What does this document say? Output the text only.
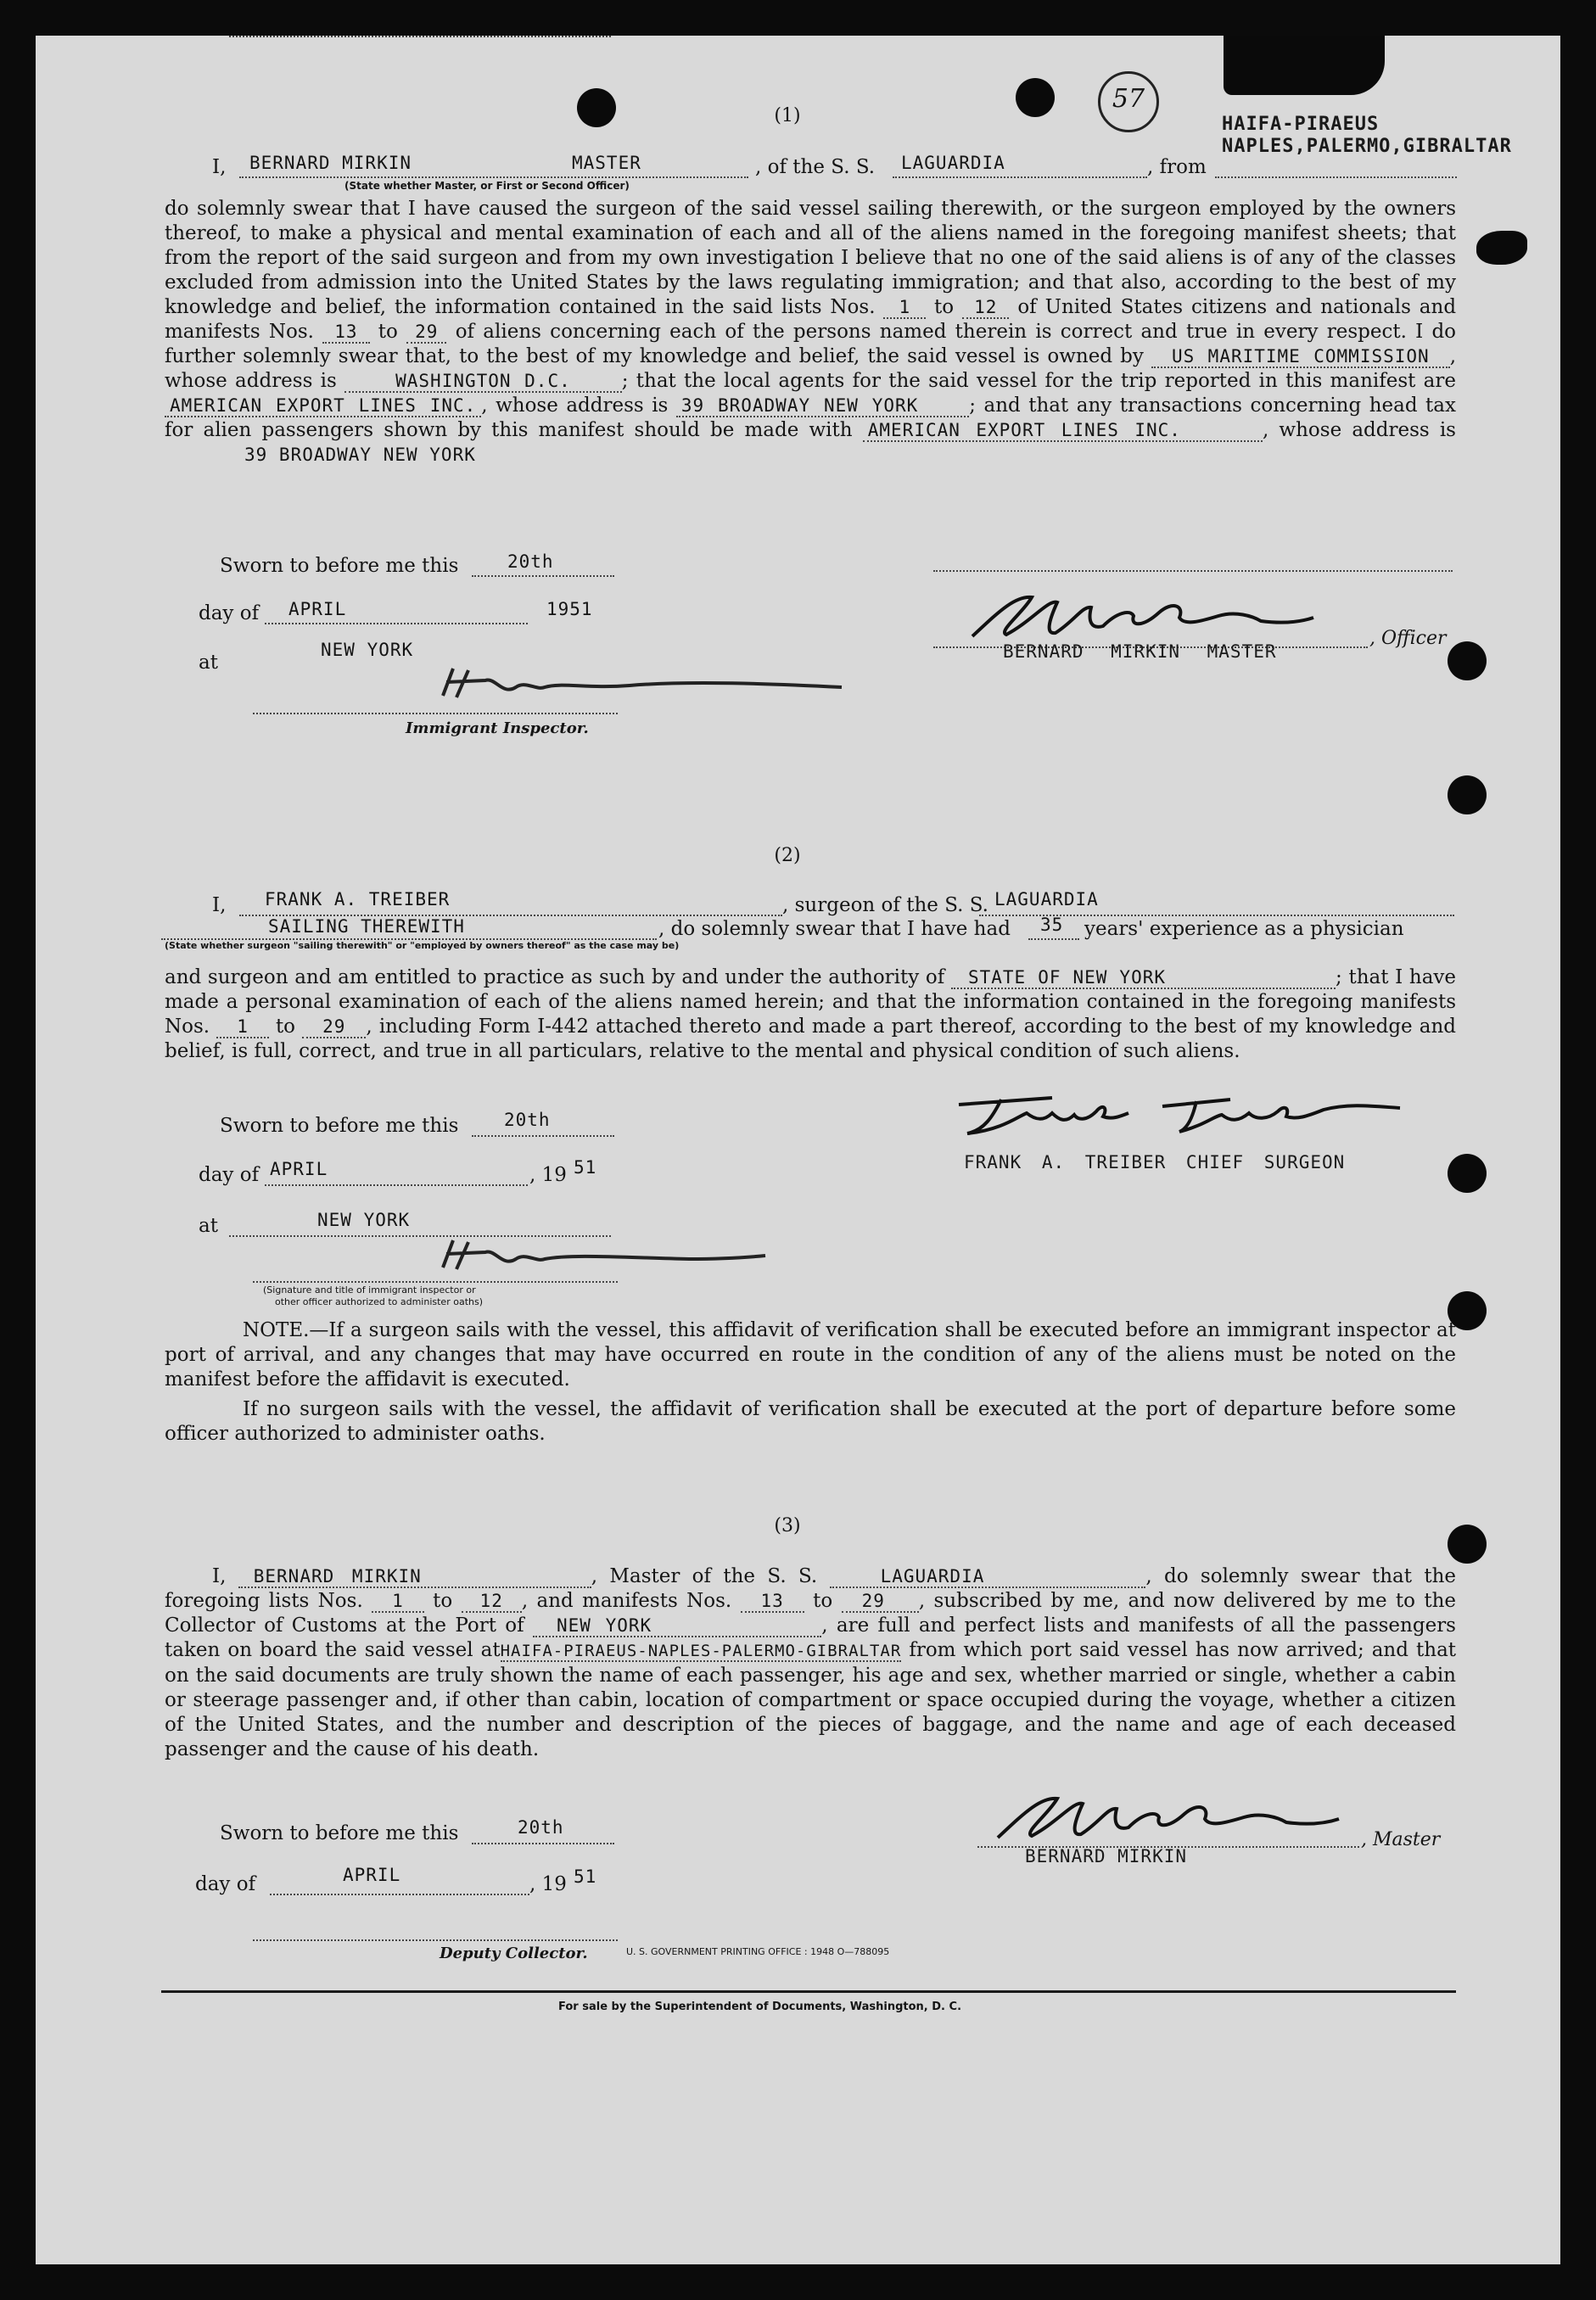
57
HAIFA-PIRAEUS
NAPLES,PALERMO,GIBRALTAR
(1)
I, BERNARD MIRKIN	MASTER	, of the S. S. LAGUARDIA	, from
(State whether Master, or First or Second Officer)

do solemnly swear that I have caused the surgeon of the said vessel sailing therewith, or the surgeon employed by the owners thereof, to make a physical and mental examination of each and all of the aliens named in the foregoing manifest sheets; that from the report of the said surgeon and from my own investigation I believe that no one of the said aliens is of any of the classes excluded from admission into the United States by the laws regulating immigration; and that also, according to the best of my knowledge and belief, the information contained in the said lists Nos. 1 to 12 of United States citizens and nationals and manifests Nos. 13 to 29 of aliens concerning each of the persons named therein is correct and true in every respect. I do further solemnly swear that, to the best of my knowledge and belief, the said vessel is owned by US MARITIME COMMISSION , whose address is	WASHINGTON D.C.	; that the local agents for the said vessel for the trip reported in this manifest are AMERICAN EXPORT LINES INC. , whose address is 39 BROADWAY NEW YORK	; and that any transactions concerning head tax for alien passengers shown by this manifest should be made with AMERICAN EXPORT LINES INC.	, whose address is 39 BROADWAY NEW YORK

Sworn to before me this	20th
day of APRIL	1951
at
NEW YORK
Immigrant Inspector.
BERNARD MIRKIN MASTER
, Officer
(2)
I, FRANK A. TREIBER	, surgeon of the S. S. LAGUARDIA
SAILING THEREWITH	, do solemnly swear that I have had 35 years' experience as a physician
(State whether surgeon "sailing therewith" or "employed by owners thereof" as the case may be)

and surgeon and am entitled to practice as such by and under the authority of STATE OF NEW YORK	; that I have made a personal examination of each of the aliens named herein; and that the information contained in the foregoing manifests Nos. 1 to 29 , including Form I-442 attached thereto and made a part thereof, according to the best of my knowledge and belief, is full, correct, and true in all particulars, relative to the mental and physical condition of such aliens.

Sworn to before me this	20th
day of APRIL	, 19 51
at	NEW YORK
(Signature and title of immigrant inspector or
other officer authorized to administer oaths)
FRANK A. TREIBER CHIEF SURGEON

NOTE.—If a surgeon sails with the vessel, this affidavit of verification shall be executed before an immigrant inspector at port of arrival, and any changes that may have occurred en route in the condition of any of the aliens must be noted on the manifest before the affidavit is executed.

If no surgeon sails with the vessel, the affidavit of verification shall be executed at the port of departure before some officer authorized to administer oaths.

(3)

I, BERNARD MIRKIN	, Master of the S. S.	LAGUARDIA	, do solemnly swear that the foregoing lists Nos. 1 to 12 , and manifests Nos. 13 to 29 , subscribed by me, and now delivered by me to the Collector of Customs at the Port of NEW YORK	, are full and perfect lists and manifests of all the passengers taken on board the said vessel atHAIFA-PIRAEUS-NAPLES-PALERMO-GIBRALTAR from which port said vessel has now arrived; and that on the said documents are truly shown the name of each passenger, his age and sex, whether married or single, whether a cabin or steerage passenger and, if other than cabin, location of compartment or space occupied during the voyage, whether a citizen of the United States, and the number and description of the pieces of baggage, and the name and age of each deceased passenger and the cause of his death.

Sworn to before me this	20th
day of	APRIL	, 19 51
Deputy Collector.
, Master
BERNARD MIRKIN
U. S. GOVERNMENT PRINTING OFFICE : 1948 O—788095
For sale by the Superintendent of Documents, Washington, D. C.
